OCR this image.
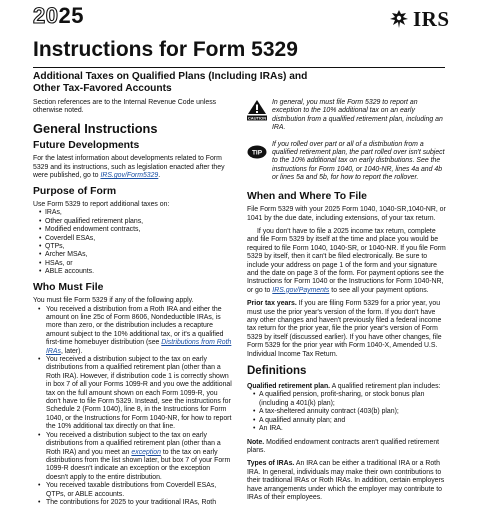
2025	IRS
Instructions for Form 5329
Additional Taxes on Qualified Plans (Including IRAs) and Other Tax-Favored Accounts

Section references are to the Internal Revenue Code unless otherwise noted.

General Instructions
Future Developments

For the latest information about developments related to Form 5329 and its instructions, such as legislation enacted after they were published, go to IRS.gov/Form5329.

Purpose of Form

Use Form 5329 to report additional taxes on:

• IRAs,
• Other qualified retirement plans,
• Modified endowment contracts,
• Coverdell ESAs,
• QTPs,
• Archer MSAs,
• HSAs, or
• ABLE accounts.
Who Must File

You must file Form 5329 if any of the following apply.

• You received a distribution from a Roth IRA and either the amount on line 25c of Form 8606, Nondeductible IRAs, is more than zero, or the distribution includes a recapture amount subject to the 10% additional tax, or it's a qualified first-time homebuyer distribution (see Distributions from Roth IRAs, later).
• You received a distribution subject to the tax on early distributions from a qualified retirement plan (other than a Roth IRA). However, if distribution code 1 is correctly shown in box 7 of all your Forms 1099-R and you owe the additional tax on the full amount shown on each Form 1099-R, you don't have to file Form 5329. Instead, see the instructions for Schedule 2 (Form 1040), line 8, in the Instructions for Form 1040, or the Instructions for Form 1040-NR, for how to report the 10% additional tax directly on that line.
• You received a distribution subject to the tax on early distributions from a qualified retirement plan (other than a Roth IRA) and you meet an exception to the tax on early distributions from the list shown later, but box 7 of your Form 1099-R doesn't indicate an exception or the exception doesn't apply to the entire distribution.
• You received taxable distributions from Coverdell ESAs, QTPs, or ABLE accounts.
• The contributions for 2025 to your traditional IRAs, Roth
CAUTION
In general, you must file Form 5329 to report an exception to the 10% additional tax on an early distribution from a qualified retirement plan, including an IRA.
TIP
If you rolled over part or all of a distribution from a qualified retirement plan, the part rolled over isn't subject to the 10% additional tax on early distributions. See the instructions for Form 1040, or 1040-NR, lines 4a and 4b or lines 5a and 5b, for how to report the rollover.
When and Where To File

File Form 5329 with your 2025 Form 1040, 1040-SR,1040-NR, or 1041 by the due date, including extensions, of your tax return.

If you don't have to file a 2025 income tax return, complete and file Form 5329 by itself at the time and place you would be required to file Form 1040, 1040-SR, or 1040-NR. If you file Form 5329 by itself, then it can't be filed electronically. Be sure to include your address on page 1 of the form and your signature and the date on page 3 of the form. For payment options see the Instructions for Form 1040 or the Instructions for Form 1040-NR, or go to IRS.gov/Payments to see all your payment options.

Prior tax years. If you are filing Form 5329 for a prior year, you must use the prior year's version of the form. If you don't have any other changes and haven't previously filed a federal income tax return for the prior year, file the prior year's version of Form 5329 by itself (discussed earlier). If you have other changes, file Form 5329 for the prior year with Form 1040-X, Amended U.S. Individual Income Tax Return.

Definitions

Qualified retirement plan. A qualified retirement plan includes:

• A qualified pension, profit-sharing, or stock bonus plan (including a 401(k) plan);
• A tax-sheltered annuity contract (403(b) plan);
• A qualified annuity plan; and
• An IRA.

Note. Modified endowment contracts aren't qualified retirement plans.

Types of IRAs. An IRA can be either a traditional IRA or a Roth IRA. In general, individuals may make their own contributions to their traditional IRAs or Roth IRAs. In addition, certain employers have arrangements under which the employer may contribute to IRAs of their employees.
